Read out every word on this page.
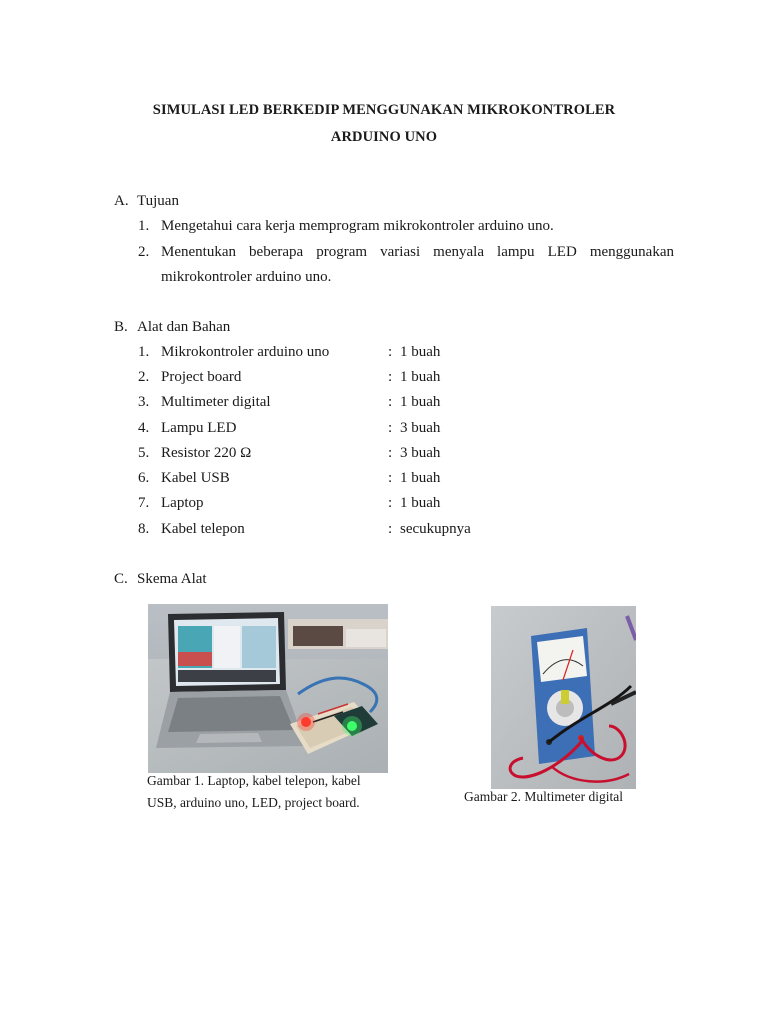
SIMULASI LED BERKEDIP MENGGUNAKAN MIKROKONTROLER
ARDUINO UNO
A. Tujuan
1. Mengetahui cara kerja memprogram mikrokontroler arduino uno.
2. Menentukan beberapa program variasi menyala lampu LED menggunakan
mikrokontroler arduino uno.
B. Alat dan Bahan
1. Mikrokontroler arduino uno	: 1 buah
2. Project board	: 1 buah
3. Multimeter digital	: 1 buah
4. Lampu LED	: 3 buah
5. Resistor 220 Ω	: 3 buah
6. Kabel USB	: 1 buah
7. Laptop	: 1 buah
8. Kabel telepon	: secukupnya
C. Skema Alat
Gambar 1. Laptop, kabel telepon, kabel
USB, arduino uno, LED, project board.	Gambar 2. Multimeter digital
